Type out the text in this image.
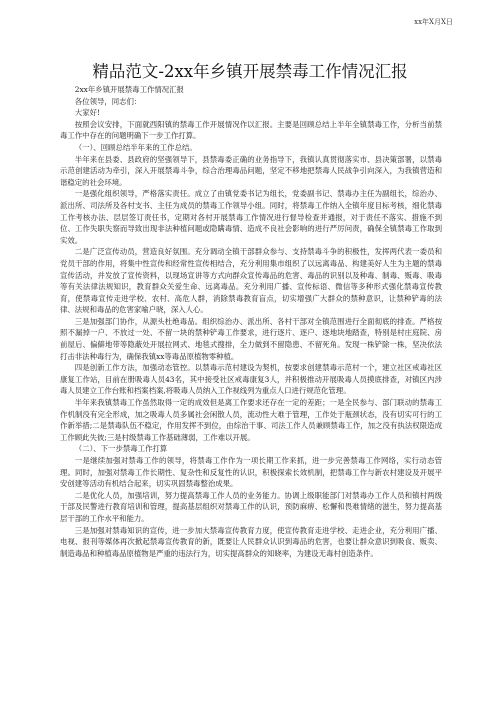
xx年X月X日
精品范文-2xx年乡镇开展禁毒工作情况汇报

2xx年乡镇开展禁毒工作情况汇报

各位领导，同志们：

大家好!

按照会议安排，下面就西阳镇的禁毒工作开展情况作以汇报。主要是回顾总结上半年全镇禁毒工作，分析当前禁毒工作中存在的问题明确下一步工作打算。

（一）、回顾总结半年来的工作总结。

半年来在县委、县政府的坚强领导下，县禁毒委正确的业务指导下，我镇认真贯彻落实市、县决策部署，以禁毒示范创建活动为牵引，深入开展禁毒斗争，综合治理毒品问题，坚定不移地把禁毒人民战争引向深入，为我镇营造和谐稳定的社会环境。

一是强化组织领导，严格落实责任。成立了由镇党委书记为组长，党委副书记、禁毒办主任为副组长，综治办、派出所、司法所及各村支书、主任为成员的禁毒工作领导小组。同时，将禁毒工作纳入全镇年度目标考核，细化禁毒工作考核办法、层层签订责任书，定期对各村开展禁毒工作情况进行督导检查并通报，对于责任不落实、措施不到位、工作失职失察而导致出现非法种植问题或隐瞒毒情、造成不良社会影响的进行严厉问责，确保全镇禁毒工作取到实效。

二是广泛宣传动员，营造良好氛围。充分调动全镇干部群众参与、支持禁毒斗争的积极性，发挥两代表一委员和党员干部的作用，将集中性宣传和经常性宣传相结合，充分利用集市组织了以远离毒品、构建美好人生为主题的禁毒宣传活动，并发放了宣传资料，以现场宣讲等方式向群众宣传毒品的危害、毒品的识别以及种毒、制毒、贩毒、吸毒等有关法律法规知识，教育群众关爱生命、远离毒品。充分利用广播、宣传标语、微信等多种形式强化禁毒宣传教育，使禁毒宣传走进学校、农村、高危人群，消除禁毒教育盲点，切实增强广大群众的禁种意识，让禁种铲毒的法律、法规和毒品的危害家喻户晓，深入人心。

三是加强部门协作，从源头杜绝毒品。组织综治办、派出所、各村干部对全镇范围进行全面彻底的排查。严格按照不漏掉一户、不放过一处、不留一块的禁种铲毒工作要求，进行逐片、逐户、逐地块地踏查，特别是村庄庭院、房前屋后、偏僻地带等隐蔽处开展拉网式、地毯式搜排，全力做到不留隐患、不留死角。发现一株铲除一株，坚决依法打击非法种毒行为，确保我镇xx等毒品原植物零种植。

四是创新工作方法，加强动态管控。以禁毒示范村建设为契机，按要求创建禁毒示范村一个，建立社区戒毒社区康复工作站，目前在册吸毒人员43名，其中接受社区戒毒康复3人，并积极推动开展吸毒人员摸底排查，对镇区内涉毒人员建立工作台账和档案档案,将吸毒人员纳入工作视线列为重点人口进行规范化管理。

半年来我镇禁毒工作虽然取得一定的成效但是离工作要求还存在一定的差距；一是全民参与、部门联动的禁毒工作机制没有完全形成，加之吸毒人员多属社会闲散人员，流动性大难于管理，工作处于瓶颈状态，没有切实可行的工作新举措;二是禁毒队伍不稳定，作用发挥不到位，由综治干事、司法工作人员兼顾禁毒工作，加之没有执法权限造成工作顾此失彼;三是村级禁毒工作基础薄弱，工作难以开展。

（二）、下一步禁毒工作打算

一是继续加强对禁毒工作的领导，将禁毒工作作为一项长期工作来抓，进一步完善禁毒工作网络，实行动态管理。同时，加强对禁毒工作长期性、复杂性和反复性的认识，积极探索长效机制，把禁毒工作与新农村建设及开展平安创建等活动有机结合起来，切实巩固禁毒整治成果。

二是优化人员，加强培训，努力提高禁毒工作人员的业务能力。协调上级职能部门对禁毒办工作人员和镇村两级干部及民警进行教育培训和管理，提高基层组织对禁毒工作的认识，预防麻痹、松懈和畏难情绪的滋生，努力提高基层干部的工作水平和能力。

三是加强对禁毒知识的宣传，进一步加大禁毒宣传教育力度，使宣传教育走进学校、走进企业，充分利用广播、电视、报刊等媒体再次掀起禁毒宣传教育的新，既要让人民群众认识到毒品的危害，也要让群众意识到吸食、贩卖、制造毒品和种植毒品原植物是严重的违法行为，切实提高群众的知晓率，为建设无毒村创造条件。
